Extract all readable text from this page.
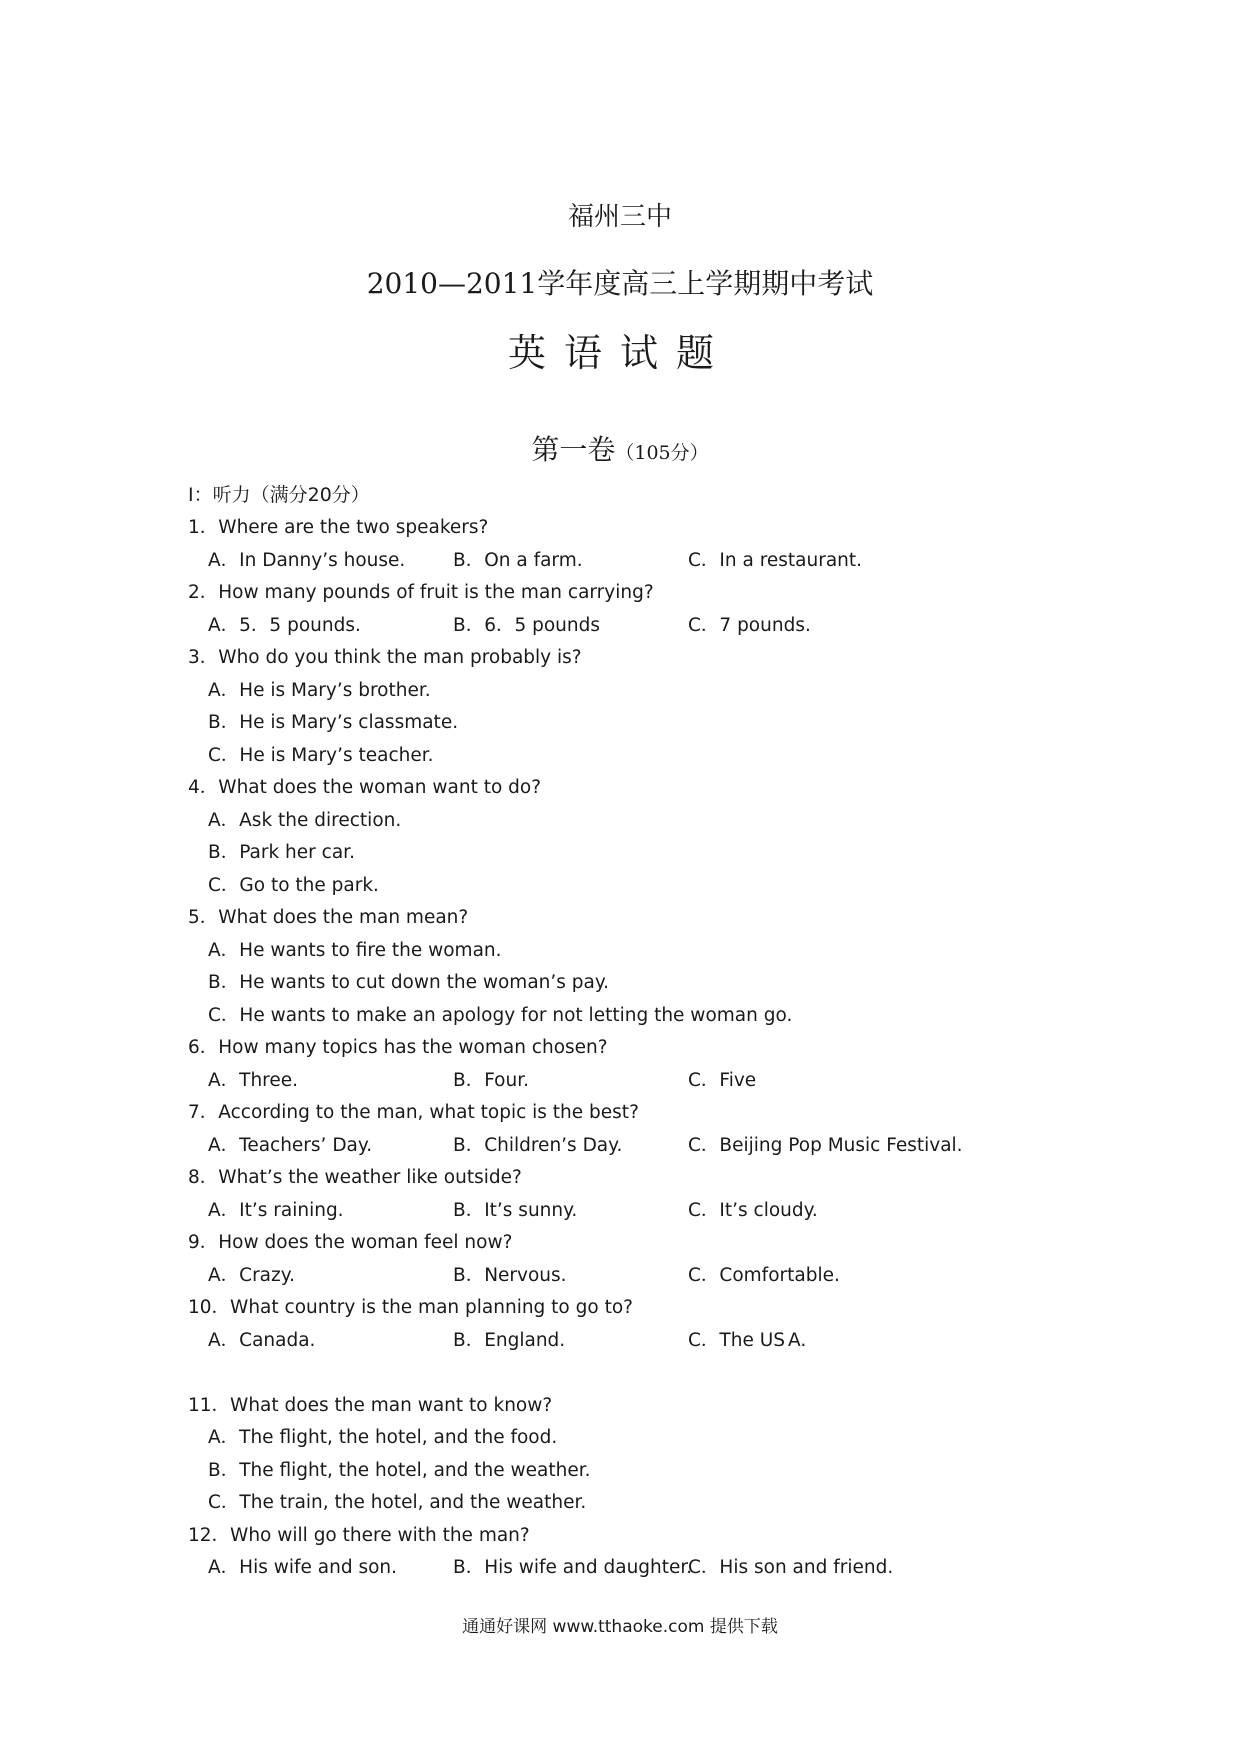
福州三中
2010—2011学年度高三上学期期中考试
英语试题
第一卷（105分）
I：听力（满分20分）
1．Where are the two speakers?
A．In Danny’s house.	B．On a farm.	C．In a restaurant.
2．How many pounds of fruit is the man carrying?
A．5．5 pounds.	B．6．5 pounds	C．7 pounds.
3．Who do you think the man probably is?
A．He is Mary’s brother.
B．He is Mary’s classmate.
C．He is Mary’s teacher.
4．What does the woman want to do?
A．Ask the direction.
B．Park her car.
C．Go to the park.
5．What does the man mean?
A．He wants to fire the woman.
B．He wants to cut down the woman’s pay.
C．He wants to make an apology for not letting the woman go.
6．How many topics has the woman chosen?
A．Three.	B．Four.	C．Five
7．According to the man, what topic is the best?
A．Teachers’ Day.	B．Children’s Day.	C．Beijing Pop Music Festival.
8．What’s the weather like outside?
A．It’s raining.	B．It’s sunny.	C．It’s cloudy.
9．How does the woman feel now?
A．Crazy.	B．Nervous.	C．Comfortable.
10．What country is the man planning to go to?
A．Canada.	B．England.	C．The US A.
11．What does the man want to know?
A．The flight, the hotel, and the food.
B．The flight, the hotel, and the weather.
C．The train, the hotel, and the weather.
12．Who will go there with the man?
A．His wife and son.	B．His wife and daughter.
C．His son and friend.
通通好课网 www.tthaoke.com 提供下载
